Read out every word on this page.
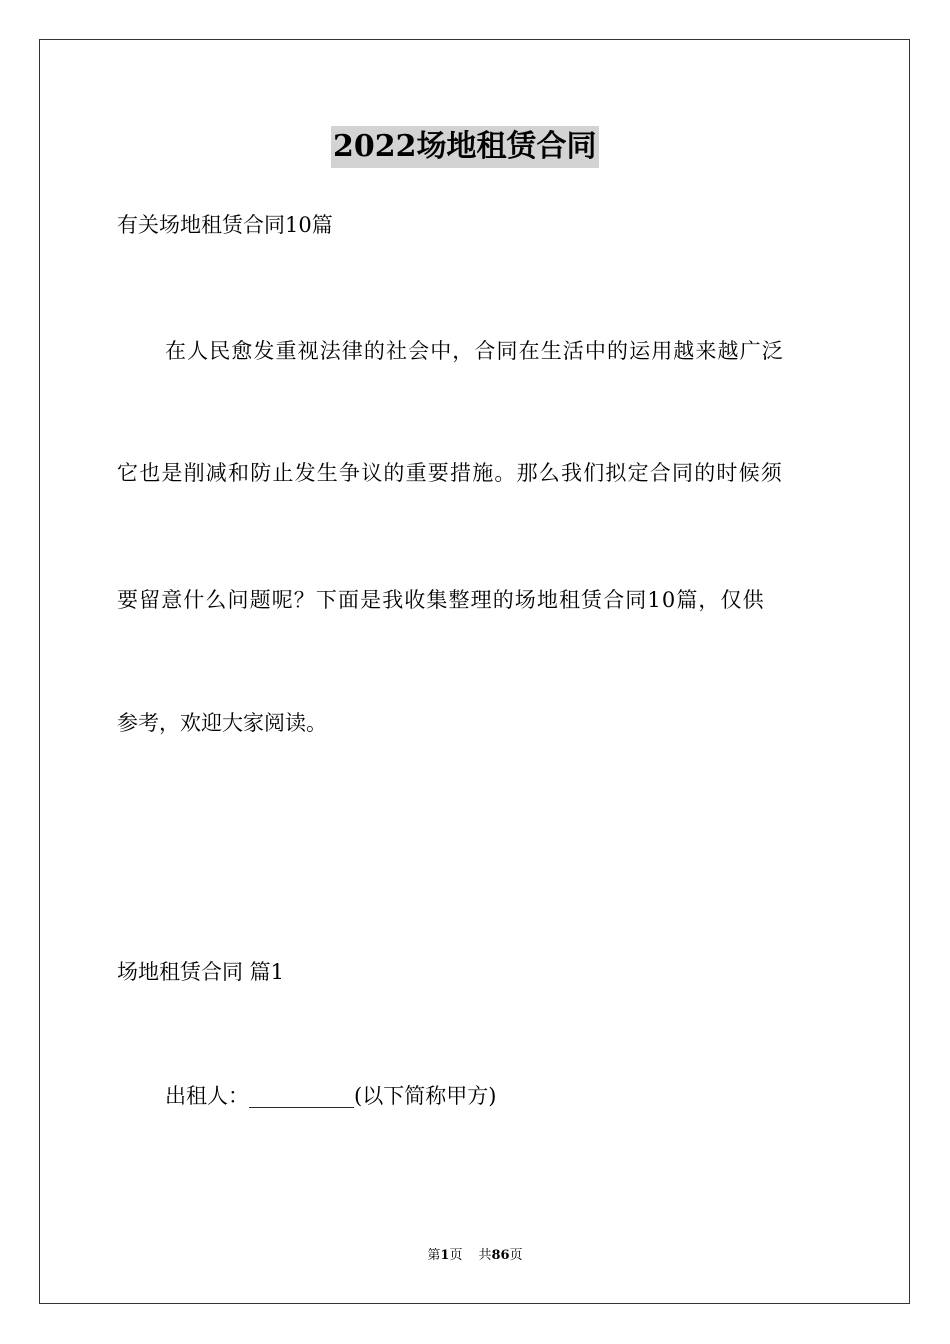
2022场地租赁合同
有关场地租赁合同10篇
在人民愈发重视法律的社会中，合同在生活中的运用越来越广泛
它也是削减和防止发生争议的重要措施。那么我们拟定合同的时候须
要留意什么问题呢？下面是我收集整理的场地租赁合同10篇，仅供
参考，欢迎大家阅读。
场地租赁合同 篇1
出租人：__________(以下简称甲方)
第1页 共86页
